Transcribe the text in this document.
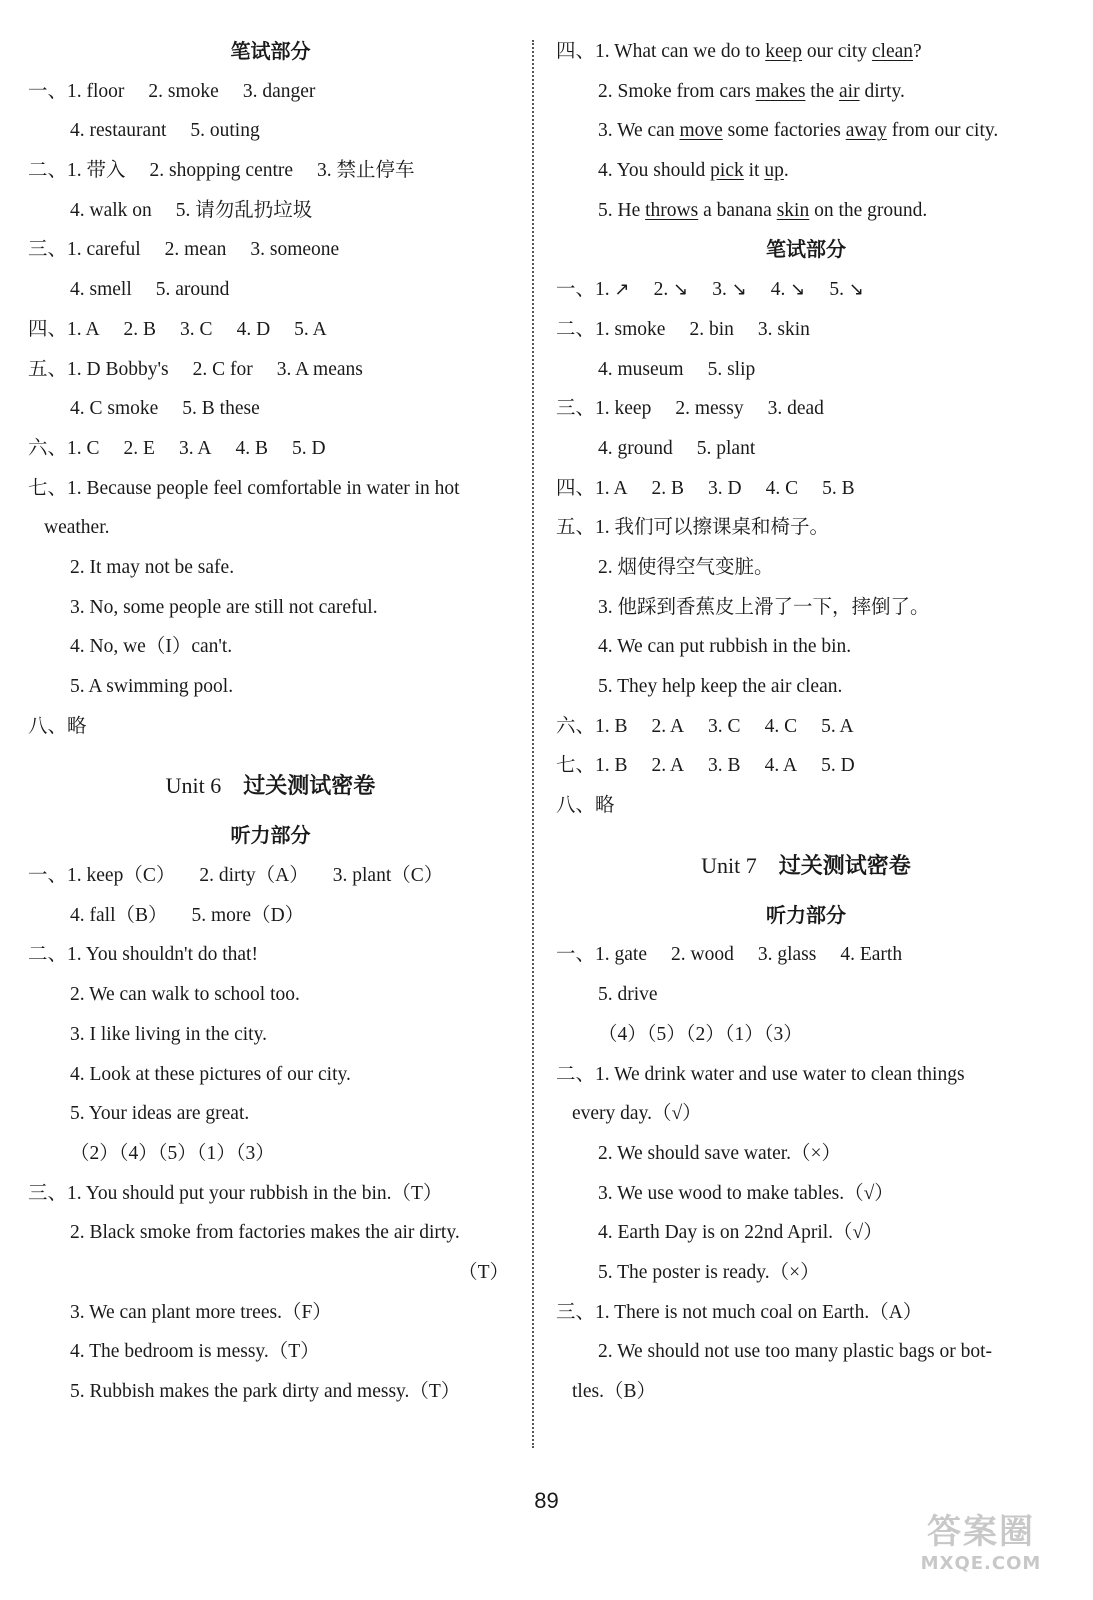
笔试部分
一、1. floor 2. smoke 3. danger
4. restaurant 5. outing
二、1. 带入 2. shopping centre 3. 禁止停车
4. walk on 5. 请勿乱扔垃圾
三、1. careful 2. mean 3. someone
4. smell 5. around
四、1. A 2. B 3. C 4. D 5. A
五、1. D Bobby's 2. C for 3. A means
4. C smoke 5. B these
六、1. C 2. E 3. A 4. B 5. D
七、1. Because people feel comfortable in water in hot
weather.
2. It may not be safe.
3. No, some people are still not careful.
4. No, we（I）can't.
5. A swimming pool.
八、略
Unit 6 过关测试密卷
听力部分
一、1. keep（C） 2. dirty（A） 3. plant（C）
4. fall（B） 5. more（D）
二、1. You shouldn't do that!
2. We can walk to school too.
3. I like living in the city.
4. Look at these pictures of our city.
5. Your ideas are great.
（2）（4）（5）（1）（3）
三、1. You should put your rubbish in the bin.（T）
2. Black smoke from factories makes the air dirty.
（T）
3. We can plant more trees.（F）
4. The bedroom is messy.（T）
5. Rubbish makes the park dirty and messy.（T）
四、1. What can we do to keep our city clean?
2. Smoke from cars makes the air dirty.
3. We can move some factories away from our city.
4. You should pick it up.
5. He throws a banana skin on the ground.
笔试部分
一、1. ↗ 2. ↘ 3. ↘ 4. ↘ 5. ↘
二、1. smoke 2. bin 3. skin
4. museum 5. slip
三、1. keep 2. messy 3. dead
4. ground 5. plant
四、1. A 2. B 3. D 4. C 5. B
五、1. 我们可以擦课桌和椅子。
2. 烟使得空气变脏。
3. 他踩到香蕉皮上滑了一下，摔倒了。
4. We can put rubbish in the bin.
5. They help keep the air clean.
六、1. B 2. A 3. C 4. C 5. A
七、1. B 2. A 3. B 4. A 5. D
八、略
Unit 7 过关测试密卷
听力部分
一、1. gate 2. wood 3. glass 4. Earth
5. drive
（4）（5）（2）（1）（3）
二、1. We drink water and use water to clean things
every day.（√）
2. We should save water.（×）
3. We use wood to make tables.（√）
4. Earth Day is on 22nd April.（√）
5. The poster is ready.（×）
三、1. There is not much coal on Earth.（A）
2. We should not use too many plastic bags or bot-
tles.（B）
89
答案圈
MXQE.COM
